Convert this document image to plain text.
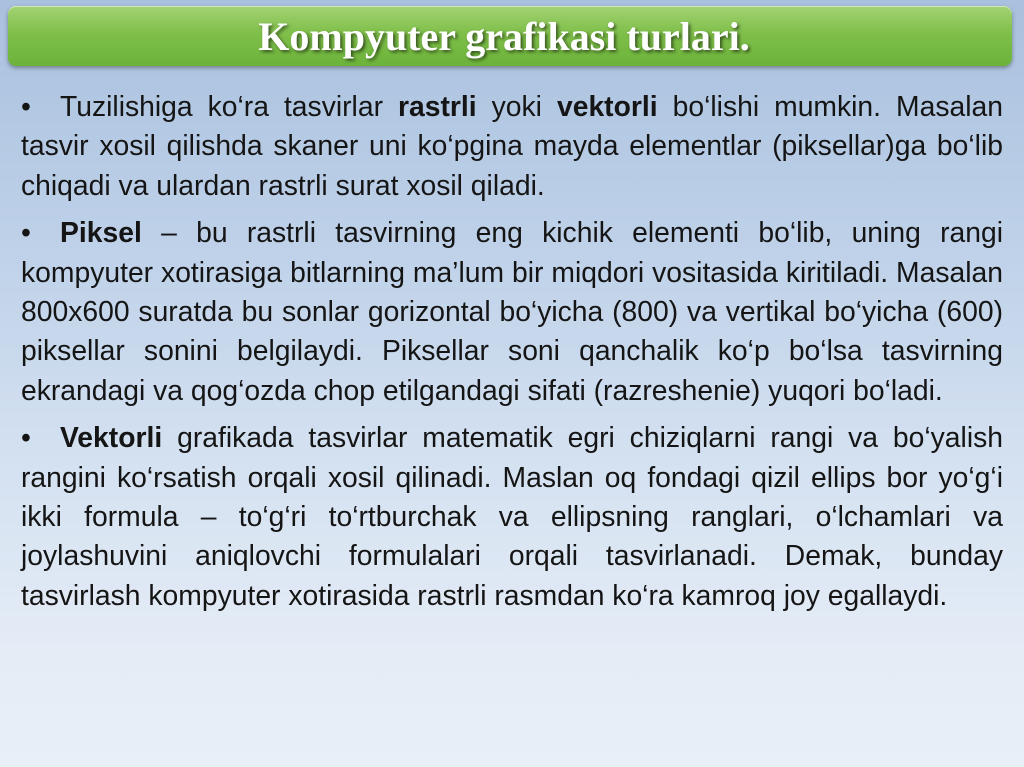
Kompyuter grafikasi turlari.

• Tuzilishiga ko‘ra tasvirlar rastrli yoki vektorli bo‘lishi mumkin. Masalan tasvir xosil qilishda skaner uni ko‘pgina mayda elementlar (piksellar)ga bo‘lib chiqadi va ulardan rastrli surat xosil qiladi.

• Piksel – bu rastrli tasvirning eng kichik elementi bo‘lib, uning rangi kompyuter xotirasiga bitlarning ma’lum bir miqdori vositasida kiritiladi. Masalan 800x600 suratda bu sonlar gorizontal bo‘yicha (800) va vertikal bo‘yicha (600) piksellar sonini belgilaydi. Piksellar soni qanchalik ko‘p bo‘lsa tasvirning ekrandagi va qog‘ozda chop etilgandagi sifati (razreshenie) yuqori bo‘ladi.

• Vektorli grafikada tasvirlar matematik egri chiziqlarni rangi va bo‘yalish rangini ko‘rsatish orqali xosil qilinadi. Maslan oq fondagi qizil ellips bor yo‘g‘i ikki formula – to‘g‘ri to‘rtburchak va ellipsning ranglari, o‘lchamlari va joylashuvini aniqlovchi formulalari orqali tasvirlanadi. Demak, bunday tasvirlash kompyuter xotirasida rastrli rasmdan ko‘ra kamroq joy egallaydi.
